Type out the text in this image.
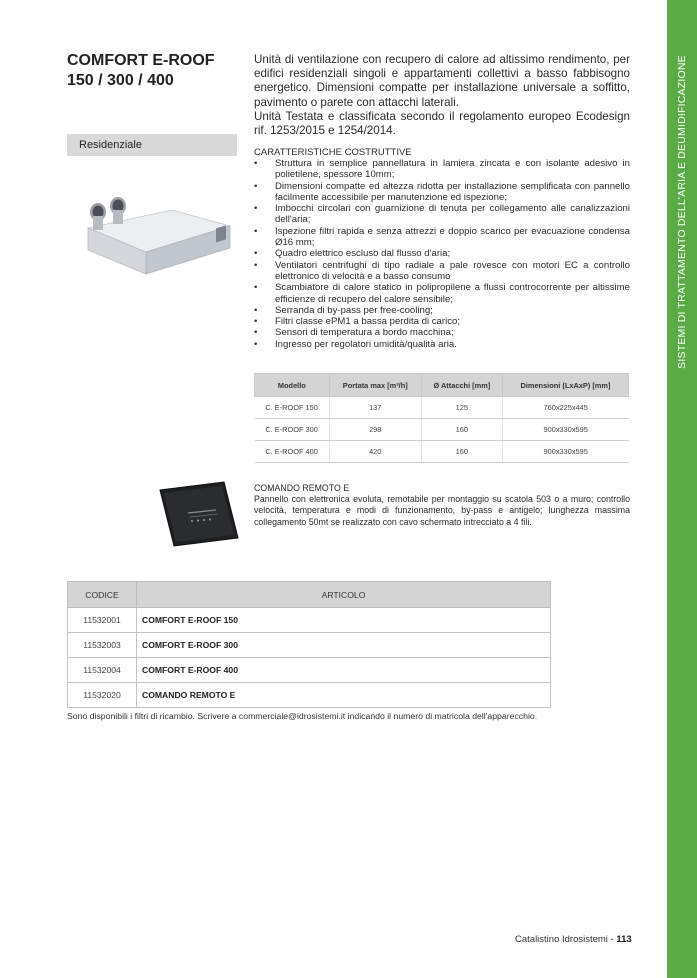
SISTEMI DI TRATTAMENTO DELL'ARIA E DEUMIDIFICAZIONE
COMFORT E-ROOF
150 / 300 / 400
Residenziale

Unità di ventilazione con recupero di calore ad altissimo rendimento, per edifici residenziali singoli e appartamenti collettivi a basso fabbisogno energetico. Dimensioni compatte per installazione universale a soffitto, pavimento o parete con attacchi laterali.

Unità Testata e classificata secondo il regolamento europeo Ecodesign rif. 1253/2015 e 1254/2014.

CARATTERISTICHE COSTRUTTIVE
• Struttura in semplice pannellatura in lamiera zincata e con isolante adesivo in polietilene, spessore 10mm;
• Dimensioni compatte ed altezza ridotta per installazione semplificata con pannello facilmente accessibile per manutenzione ed ispezione;
• Imbocchi circolari con guarnizione di tenuta per collegamento alle canalizzazioni dell'aria;
• Ispezione filtri rapida e senza attrezzi e doppio scarico per evacuazione condensa Ø16 mm;
• Quadro elettrico escluso dal flusso d'aria;
• Ventilatori centrifughi di tipo radiale a pale rovesce con motori EC a controllo elettronico di velocità e a basso consumo
• Scambiatore di calore statico in polipropilene a flussi controcorrente per altissime efficienze di recupero del calore sensibile;
• Serranda di by-pass per free-cooling;
• Filtri classe ePM1 a bassa perdita di carico;
• Sensori di temperatura a bordo macchina;
• Ingresso per regolatori umidità/qualità aria.
Modello	Portata max [m³/h]	Ø Attacchi [mm]	Dimensioni (LxAxP) [mm]
C. E-ROOF 150	137	125	760x225x445
C. E-ROOF 300	298	160	900x330x595
C. E-ROOF 400	420	160	900x330x595
COMANDO REMOTO E
Pannello con elettronica evoluta, remotabile per montaggio su scatola 503 o a muro; controllo velocità, temperatura e modi di funzionamento, by-pass e antigelo; lunghezza massima collegamento 50mt se realizzato con cavo schermato intrecciato a 4 fili.
CODICE	ARTICOLO
11532001	COMFORT E-ROOF 150
11532003	COMFORT E-ROOF 300
11532004	COMFORT E-ROOF 400
11532020	COMANDO REMOTO E
Sono disponibili i filtri di ricambio. Scrivere a commerciale@idrosistemi.it indicando il numero di matricola dell'apparecchio.
Catalistino Idrosistemi - 113
